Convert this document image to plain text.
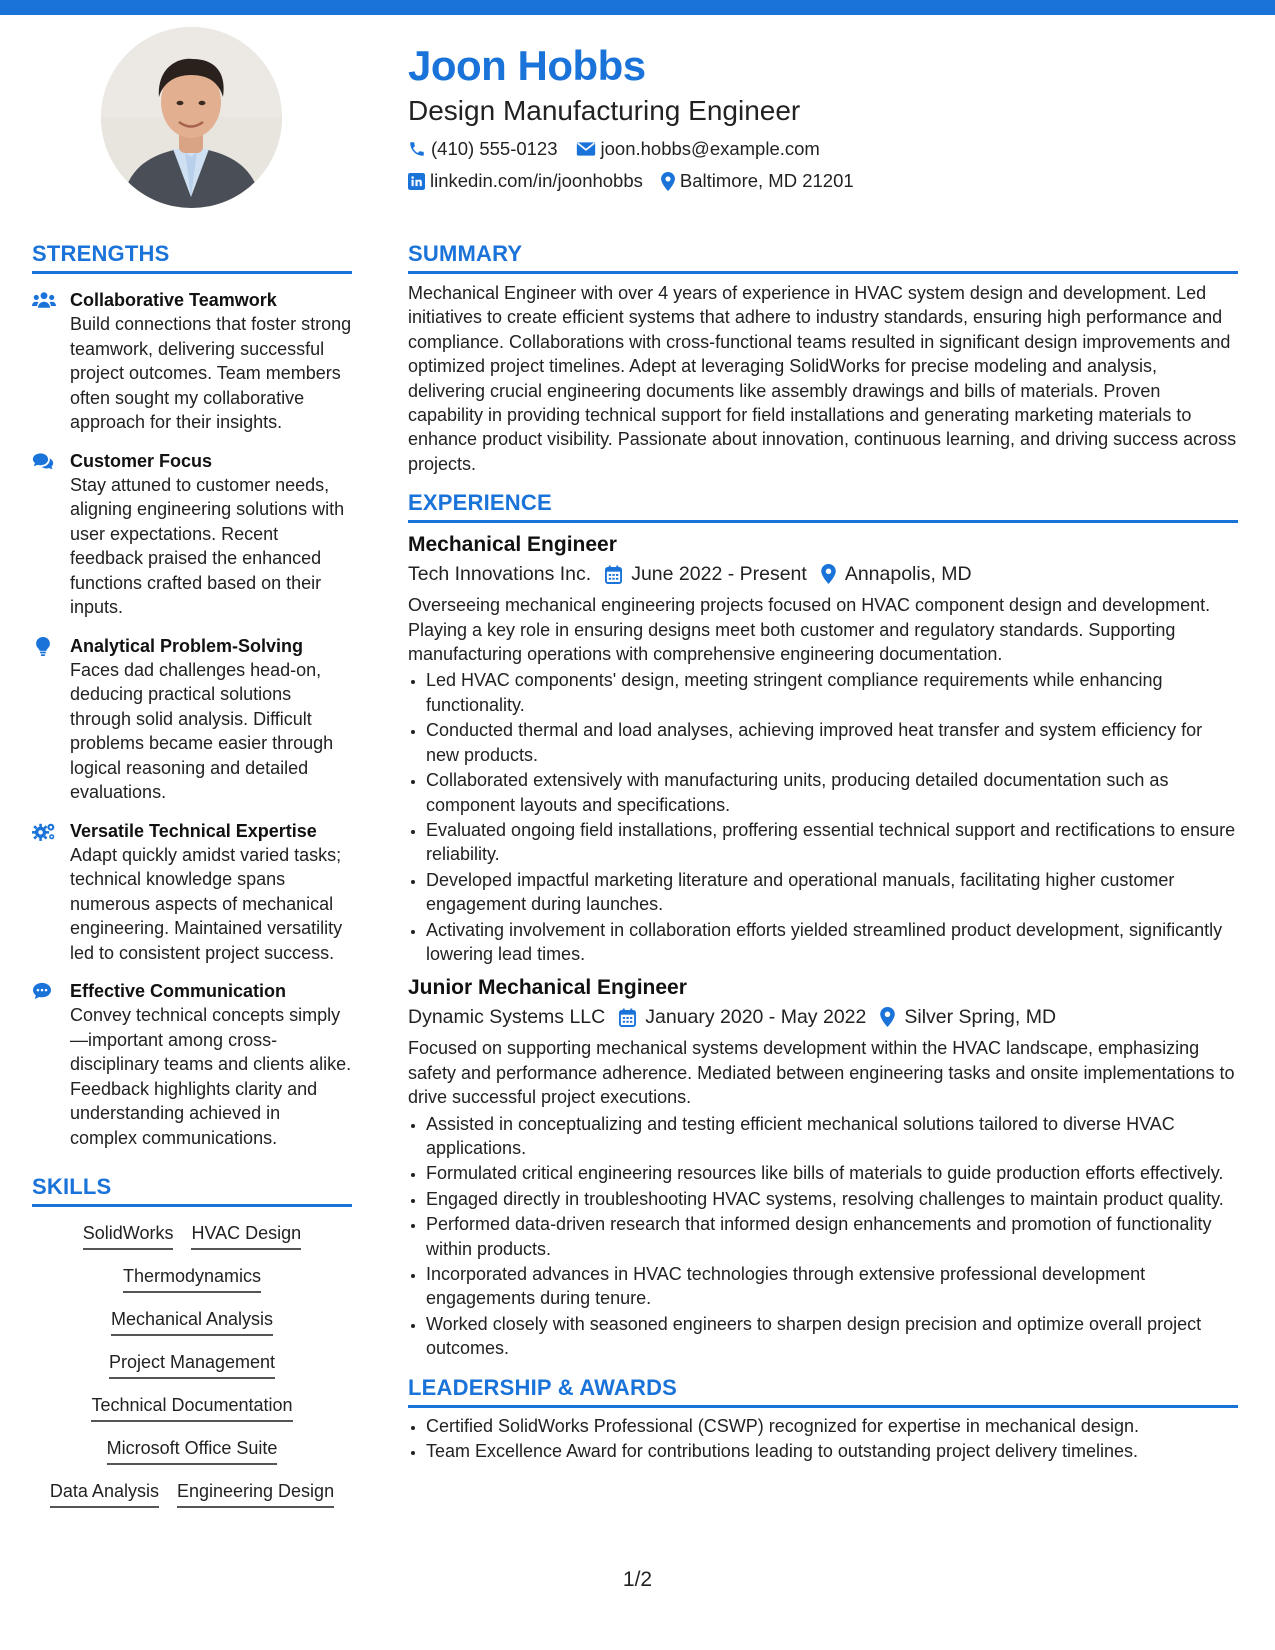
Joon Hobbs
Design Manufacturing Engineer
(410) 555-0123 joon.hobbs@example.com
linkedin.com/in/joonhobbs Baltimore, MD 21201
STRENGTHS
Collaborative Teamwork
Build connections that foster strong teamwork, delivering successful project outcomes. Team members often sought my collaborative approach for their insights.
Customer Focus
Stay attuned to customer needs, aligning engineering solutions with user expectations. Recent feedback praised the enhanced functions crafted based on their inputs.
Analytical Problem-Solving
Faces dad challenges head-on, deducing practical solutions through solid analysis. Difficult problems became easier through logical reasoning and detailed evaluations.
Versatile Technical Expertise
Adapt quickly amidst varied tasks; technical knowledge spans numerous aspects of mechanical engineering. Maintained versatility led to consistent project success.
Effective Communication
Convey technical concepts simply—important among cross-disciplinary teams and clients alike. Feedback highlights clarity and understanding achieved in complex communications.
SKILLS
SolidWorks HVAC Design
Thermodynamics
Mechanical Analysis
Project Management
Technical Documentation
Microsoft Office Suite
Data Analysis Engineering Design
SUMMARY
Mechanical Engineer with over 4 years of experience in HVAC system design and development. Led initiatives to create efficient systems that adhere to industry standards, ensuring high performance and compliance. Collaborations with cross-functional teams resulted in significant design improvements and optimized project timelines. Adept at leveraging SolidWorks for precise modeling and analysis, delivering crucial engineering documents like assembly drawings and bills of materials. Proven capability in providing technical support for field installations and generating marketing materials to enhance product visibility. Passionate about innovation, continuous learning, and driving success across projects.
EXPERIENCE
Mechanical Engineer
Tech Innovations Inc. June 2022 - Present Annapolis, MD
Overseeing mechanical engineering projects focused on HVAC component design and development. Playing a key role in ensuring designs meet both customer and regulatory standards. Supporting manufacturing operations with comprehensive engineering documentation.
• Led HVAC components' design, meeting stringent compliance requirements while enhancing functionality.
• Conducted thermal and load analyses, achieving improved heat transfer and system efficiency for new products.
• Collaborated extensively with manufacturing units, producing detailed documentation such as component layouts and specifications.
• Evaluated ongoing field installations, proffering essential technical support and rectifications to ensure reliability.
• Developed impactful marketing literature and operational manuals, facilitating higher customer engagement during launches.
• Activating involvement in collaboration efforts yielded streamlined product development, significantly lowering lead times.
Junior Mechanical Engineer
Dynamic Systems LLC January 2020 - May 2022 Silver Spring, MD
Focused on supporting mechanical systems development within the HVAC landscape, emphasizing safety and performance adherence. Mediated between engineering tasks and onsite implementations to drive successful project executions.
• Assisted in conceptualizing and testing efficient mechanical solutions tailored to diverse HVAC applications.
• Formulated critical engineering resources like bills of materials to guide production efforts effectively.
• Engaged directly in troubleshooting HVAC systems, resolving challenges to maintain product quality.
• Performed data-driven research that informed design enhancements and promotion of functionality within products.
• Incorporated advances in HVAC technologies through extensive professional development engagements during tenure.
• Worked closely with seasoned engineers to sharpen design precision and optimize overall project outcomes.
LEADERSHIP & AWARDS
• Certified SolidWorks Professional (CSWP) recognized for expertise in mechanical design.
• Team Excellence Award for contributions leading to outstanding project delivery timelines.
1/2
